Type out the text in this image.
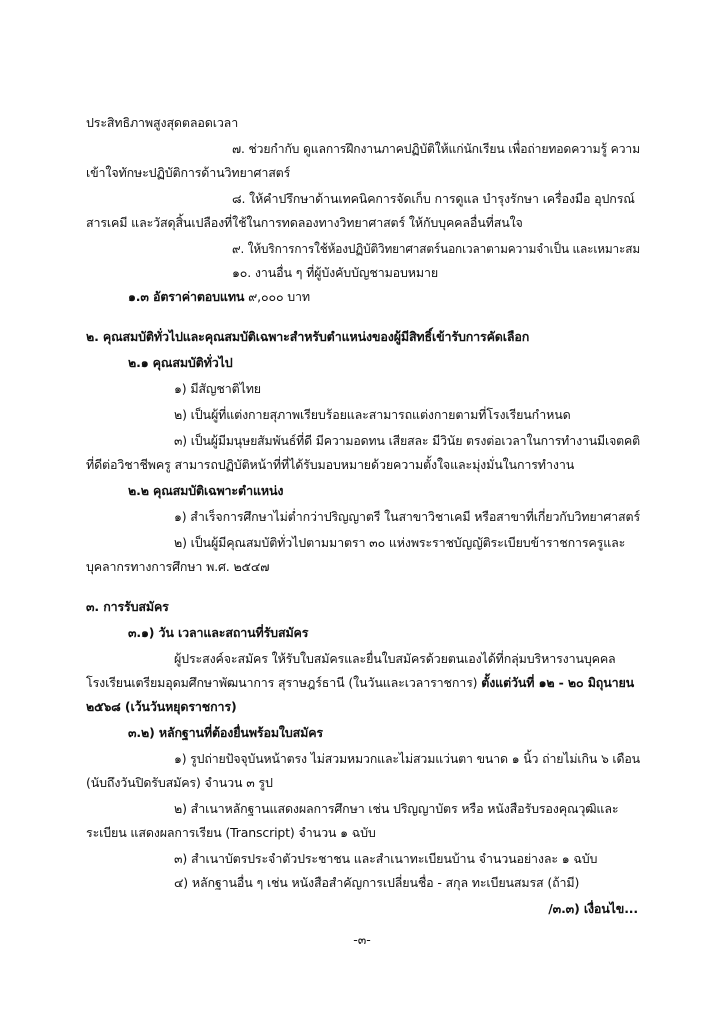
ประสิทธิภาพสูงสุดตลอดเวลา
๗. ช่วยกำกับ ดูแลการฝึกงานภาคปฏิบัติให้แก่นักเรียน เพื่อถ่ายทอดความรู้ ความ
เข้าใจทักษะปฏิบัติการด้านวิทยาศาสตร์
๘. ให้คำปรึกษาด้านเทคนิคการจัดเก็บ การดูแล บำรุงรักษา เครื่องมือ อุปกรณ์
สารเคมี และวัสดุสิ้นเปลืองที่ใช้ในการทดลองทางวิทยาศาสตร์ ให้กับบุคคลอื่นที่สนใจ
๙. ให้บริการการใช้ห้องปฏิบัติวิทยาศาสตร์นอกเวลาตามความจำเป็น และเหมาะสม
๑๐. งานอื่น ๆ ที่ผู้บังคับบัญชามอบหมาย
๑.๓ อัตราค่าตอบแทน ๙,๐๐๐ บาท
๒. คุณสมบัติทั่วไปและคุณสมบัติเฉพาะสำหรับตำแหน่งของผู้มีสิทธิ์เข้ารับการคัดเลือก
๒.๑ คุณสมบัติทั่วไป
๑) มีสัญชาติไทย
๒) เป็นผู้ที่แต่งกายสุภาพเรียบร้อยและสามารถแต่งกายตามที่โรงเรียนกำหนด
๓) เป็นผู้มีมนุษยสัมพันธ์ที่ดี มีความอดทน เสียสละ มีวินัย ตรงต่อเวลาในการทำงานมีเจตคติ
ที่ดีต่อวิชาชีพครู สามารถปฏิบัติหน้าที่ที่ได้รับมอบหมายด้วยความตั้งใจและมุ่งมั่นในการทำงาน
๒.๒ คุณสมบัติเฉพาะตำแหน่ง
๑) สำเร็จการศึกษาไม่ต่ำกว่าปริญญาตรี ในสาขาวิชาเคมี หรือสาขาที่เกี่ยวกับวิทยาศาสตร์
๒) เป็นผู้มีคุณสมบัติทั่วไปตามมาตรา ๓๐ แห่งพระราชบัญญัติระเบียบข้าราชการครูและ
บุคลากรทางการศึกษา พ.ศ. ๒๕๔๗
๓. การรับสมัคร
๓.๑) วัน เวลาและสถานที่รับสมัคร
ผู้ประสงค์จะสมัคร ให้รับใบสมัครและยื่นใบสมัครด้วยตนเองได้ที่กลุ่มบริหารงานบุคคล
โรงเรียนเตรียมอุดมศึกษาพัฒนาการ สุราษฎร์ธานี (ในวันและเวลาราชการ) ตั้งแต่วันที่ ๑๒ - ๒๐ มิถุนายน
๒๕๖๘ (เว้นวันหยุดราชการ)
๓.๒) หลักฐานที่ต้องยื่นพร้อมใบสมัคร
๑) รูปถ่ายปัจจุบันหน้าตรง ไม่สวมหมวกและไม่สวมแว่นตา ขนาด ๑ นิ้ว ถ่ายไม่เกิน ๖ เดือน
(นับถึงวันปิดรับสมัคร) จำนวน ๓ รูป
๒) สำเนาหลักฐานแสดงผลการศึกษา เช่น ปริญญาบัตร หรือ หนังสือรับรองคุณวุฒิและ
ระเบียน แสดงผลการเรียน (Transcript) จำนวน ๑ ฉบับ
๓) สำเนาบัตรประจำตัวประชาชน และสำเนาทะเบียนบ้าน จำนวนอย่างละ ๑ ฉบับ
๔) หลักฐานอื่น ๆ เช่น หนังสือสำคัญการเปลี่ยนชื่อ - สกุล ทะเบียนสมรส (ถ้ามี)
/๓.๓) เงื่อนไข...
-๓-
